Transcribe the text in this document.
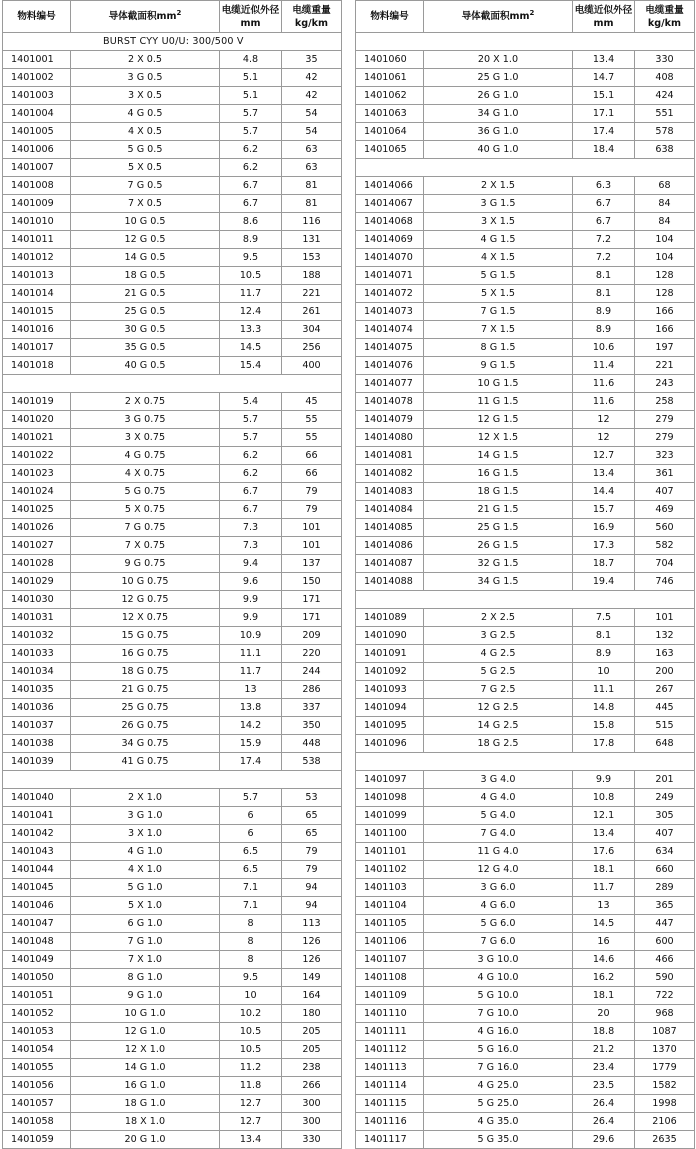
物料编号	导体截面积$mm^2$	电缆近似外径mm	电缆重量
kg/km
BURST CYY U0/U: 300/500 V			
1401001	2 X 0.5	4.8	35
1401002	3 G 0.5	5.1	42
1401003	3 X 0.5	5.1	42
1401004	4 G 0.5	5.7	54
1401005	4 X 0.5	5.7	54
1401006	5 G 0.5	6.2	63
1401007	5 X 0.5	6.2	63
1401008	7 G 0.5	6.7	81
1401009	7 X 0.5	6.7	81
1401010	10 G 0.5	8.6	116
1401011	12 G 0.5	8.9	131
1401012	14 G 0.5	9.5	153
1401013	18 G 0.5	10.5	188
1401014	21 G 0.5	11.7	221
1401015	25 G 0.5	12.4	261
1401016	30 G 0.5	13.3	304
1401017	35 G 0.5	14.5	256
1401018	40 G 0.5	15.4	400

1401019	2 X 0.75	5.4	45
1401020	3 G 0.75	5.7	55
1401021	3 X 0.75	5.7	55
1401022	4 G 0.75	6.2	66
1401023	4 X 0.75	6.2	66
1401024	5 G 0.75	6.7	79
1401025	5 X 0.75	6.7	79
1401026	7 G 0.75	7.3	101
1401027	7 X 0.75	7.3	101
1401028	9 G 0.75	9.4	137
1401029	10 G 0.75	9.6	150
1401030	12 G 0.75	9.9	171
1401031	12 X 0.75	9.9	171
1401032	15 G 0.75	10.9	209
1401033	16 G 0.75	11.1	220
1401034	18 G 0.75	11.7	244
1401035	21 G 0.75	13	286
1401036	25 G 0.75	13.8	337
1401037	26 G 0.75	14.2	350
1401038	34 G 0.75	15.9	448
1401039	41 G 0.75	17.4	538

1401040	2 X 1.0	5.7	53
1401041	3 G 1.0	6	65
1401042	3 X 1.0	6	65
1401043	4 G 1.0	6.5	79
1401044	4 X 1.0	6.5	79
1401045	5 G 1.0	7.1	94
1401046	5 X 1.0	7.1	94
1401047	6 G 1.0	8	113
1401048	7 G 1.0	8	126
1401049	7 X 1.0	8	126
1401050	8 G 1.0	9.5	149
1401051	9 G 1.0	10	164
1401052	10 G 1.0	10.2	180
1401053	12 G 1.0	10.5	205
1401054	12 X 1.0	10.5	205
1401055	14 G 1.0	11.2	238
1401056	16 G 1.0	11.8	266
1401057	18 G 1.0	12.7	300
1401058	18 X 1.0	12.7	300
1401059	20 G 1.0	13.4	330
物料编号	导体截面积$mm^2$	电缆近似外径mm	电缆重量
kg/km

1401060	20 X 1.0	13.4	330
1401061	25 G 1.0	14.7	408
1401062	26 G 1.0	15.1	424
1401063	34 G 1.0	17.1	551
1401064	36 G 1.0	17.4	578
1401065	40 G 1.0	18.4	638

14014066	2 X 1.5	6.3	68
14014067	3 G 1.5	6.7	84
14014068	3 X 1.5	6.7	84
14014069	4 G 1.5	7.2	104
14014070	4 X 1.5	7.2	104
14014071	5 G 1.5	8.1	128
14014072	5 X 1.5	8.1	128
14014073	7 G 1.5	8.9	166
14014074	7 X 1.5	8.9	166
14014075	8 G 1.5	10.6	197
14014076	9 G 1.5	11.4	221
14014077	10 G 1.5	11.6	243
14014078	11 G 1.5	11.6	258
14014079	12 G 1.5	12	279
14014080	12 X 1.5	12	279
14014081	14 G 1.5	12.7	323
14014082	16 G 1.5	13.4	361
14014083	18 G 1.5	14.4	407
14014084	21 G 1.5	15.7	469
14014085	25 G 1.5	16.9	560
14014086	26 G 1.5	17.3	582
14014087	32 G 1.5	18.7	704
14014088	34 G 1.5	19.4	746

1401089	2 X 2.5	7.5	101
1401090	3 G 2.5	8.1	132
1401091	4 G 2.5	8.9	163
1401092	5 G 2.5	10	200
1401093	7 G 2.5	11.1	267
1401094	12 G 2.5	14.8	445
1401095	14 G 2.5	15.8	515
1401096	18 G 2.5	17.8	648

1401097	3 G 4.0	9.9	201
1401098	4 G 4.0	10.8	249
1401099	5 G 4.0	12.1	305
1401100	7 G 4.0	13.4	407
1401101	11 G 4.0	17.6	634
1401102	12 G 4.0	18.1	660
1401103	3 G 6.0	11.7	289
1401104	4 G 6.0	13	365
1401105	5 G 6.0	14.5	447
1401106	7 G 6.0	16	600
1401107	3 G 10.0	14.6	466
1401108	4 G 10.0	16.2	590
1401109	5 G 10.0	18.1	722
1401110	7 G 10.0	20	968
1401111	4 G 16.0	18.8	1087
1401112	5 G 16.0	21.2	1370
1401113	7 G 16.0	23.4	1779
1401114	4 G 25.0	23.5	1582
1401115	5 G 25.0	26.4	1998
1401116	4 G 35.0	26.4	2106
1401117	5 G 35.0	29.6	2635
